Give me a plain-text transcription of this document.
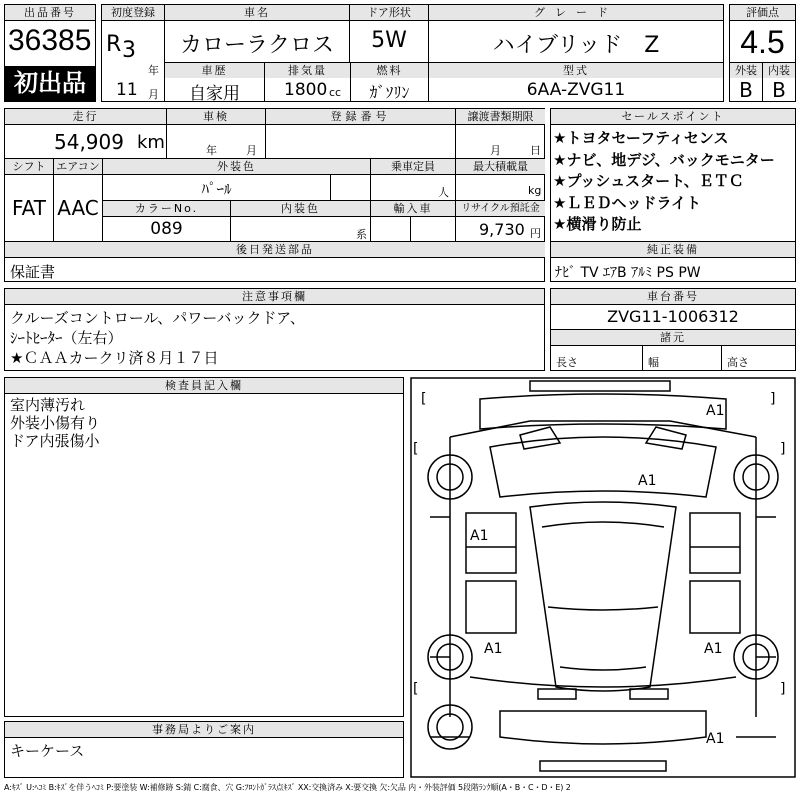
出品番号
36385
初出品
初度登録
R 3
年
11 月
車名
カローラクロス
ドア形状
5W
グレード
ハイブリッド　Z
車歴
自家用
排気量
1800 cc
燃料
ｶﾞｿﾘﾝ
型式
6AA-ZVG11
評価点
4.5
外装	内装
B B
走行
54,909 km
車検
年	月
登録番号	譲渡書類期限
月	日
シフト
FAT
エアコン
AAC
外装色
ﾊﾟｰﾙ
乗車定員
人
最大積載量
kg
カラーNo.
089
内装色
系
輸入車	リサイクル預託金
9,730 円
後日発送部品
保証書
セールスポイント
★トヨタセーフティセンス
★ナビ、地デジ、バックモニター
★プッシュスタート、ＥＴＣ
★ＬＥＤヘッドライト
★横滑り防止
純正装備
ﾅﾋﾞ TV ｴｱB ｱﾙﾐ PS PW
注意事項欄
クルーズコントロール、パワーバックドア、
ｼｰﾄﾋｰﾀｰ（左右）
★ＣＡＡカークリ済８月１７日
車台番号
ZVG11-1006312
諸元
長さ	幅	高さ
検査員記入欄
室内薄汚れ
外装小傷有り
ドア内張傷小
事務局よりご案内
キーケース
[	]
[	]
[	]
A1
A1
A1
A1	A1
A1
A:ｷｽﾞ U:ﾍｺﾐ B:ｷｽﾞを伴うﾍｺﾐ P:要塗装 W:補修跡 S:錆 C:腐食、穴 G:ﾌﾛﾝﾄｶﾞﾗｽ点ｷｽﾞ XX:交換済み X:要交換 欠:欠品 内・外装評価 5段階ﾗﾝｸ順(A・B・C・D・E) 2
